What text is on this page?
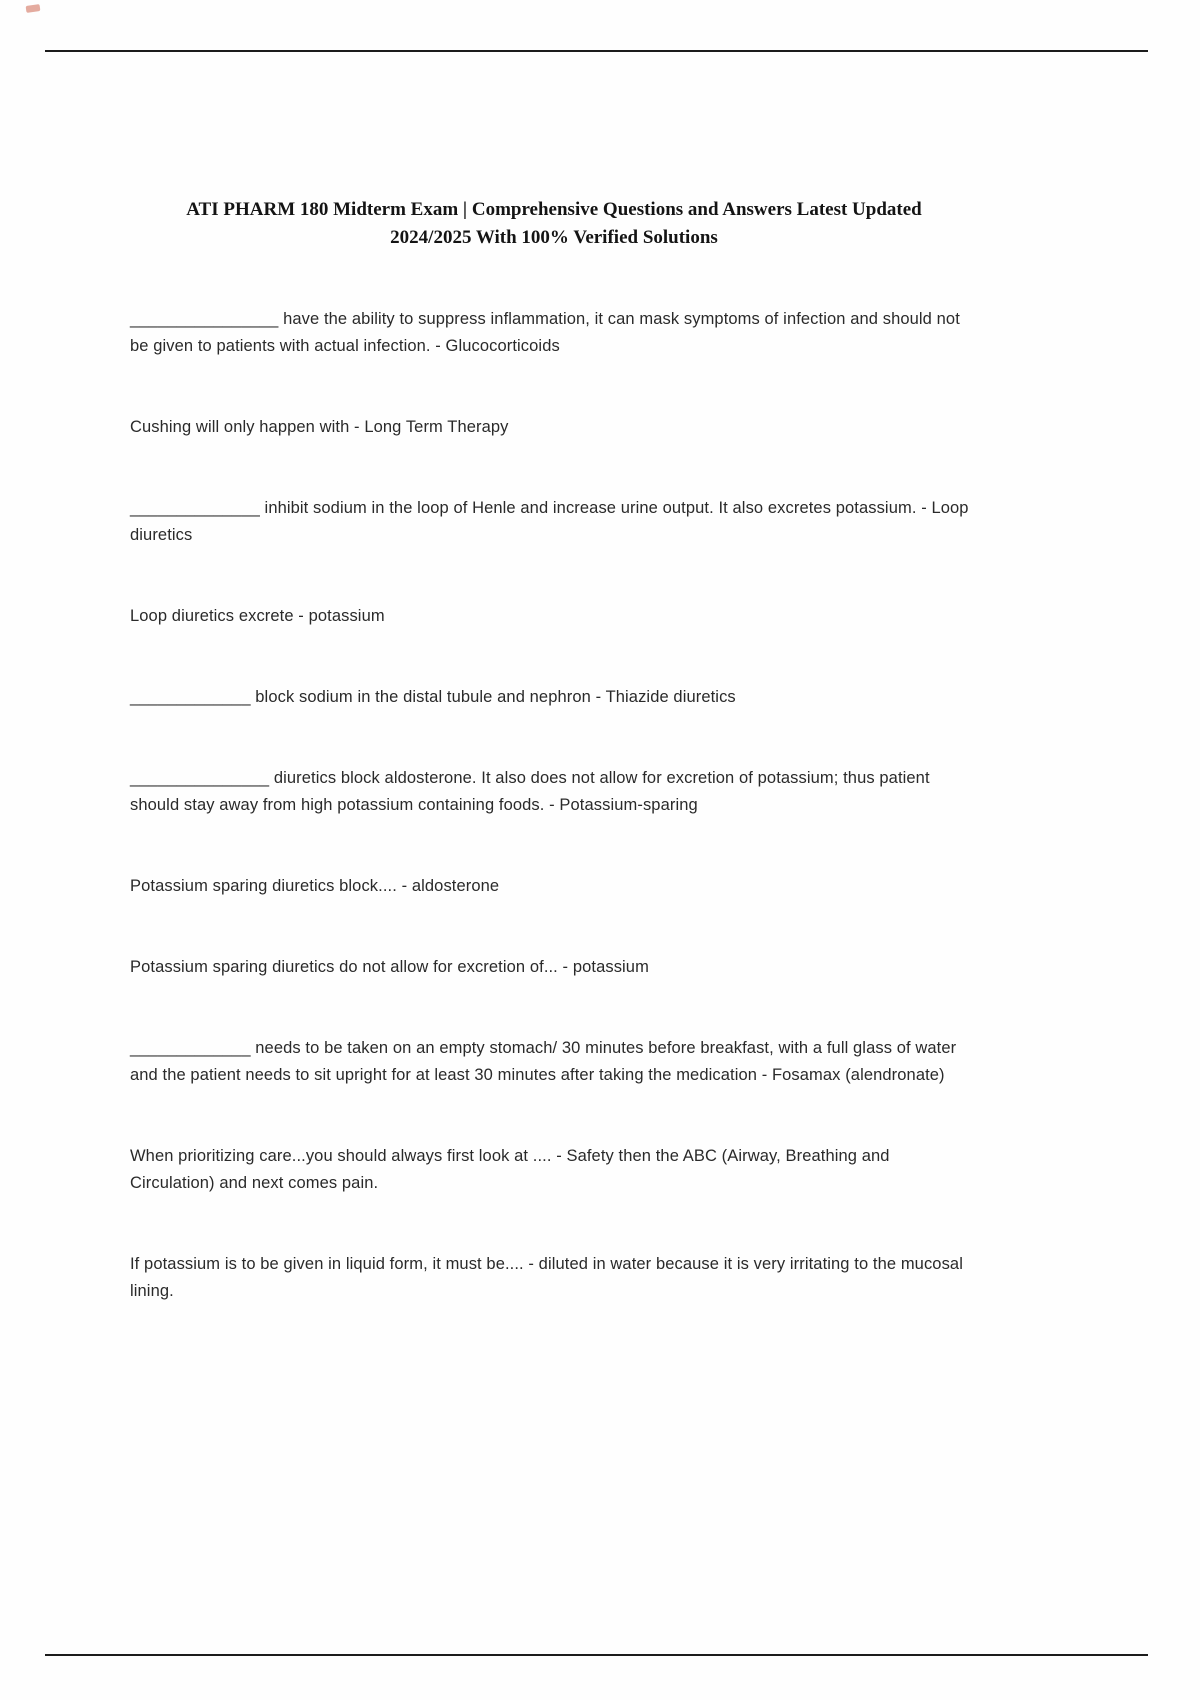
ATI PHARM 180 Midterm Exam | Comprehensive Questions and Answers Latest Updated 2024/2025 With 100% Verified Solutions

________________ have the ability to suppress inflammation, it can mask symptoms of infection and should not be given to patients with actual infection. - Glucocorticoids

Cushing will only happen with - Long Term Therapy

______________ inhibit sodium in the loop of Henle and increase urine output. It also excretes potassium. - Loop diuretics

Loop diuretics excrete - potassium

_____________ block sodium in the distal tubule and nephron - Thiazide diuretics

_______________ diuretics block aldosterone. It also does not allow for excretion of potassium; thus patient should stay away from high potassium containing foods. - Potassium-sparing

Potassium sparing diuretics block.... - aldosterone

Potassium sparing diuretics do not allow for excretion of... - potassium

_____________ needs to be taken on an empty stomach/ 30 minutes before breakfast, with a full glass of water and the patient needs to sit upright for at least 30 minutes after taking the medication - Fosamax (alendronate)

When prioritizing care...you should always first look at .... - Safety then the ABC (Airway, Breathing and Circulation) and next comes pain.

If potassium is to be given in liquid form, it must be.... - diluted in water because it is very irritating to the mucosal lining.
